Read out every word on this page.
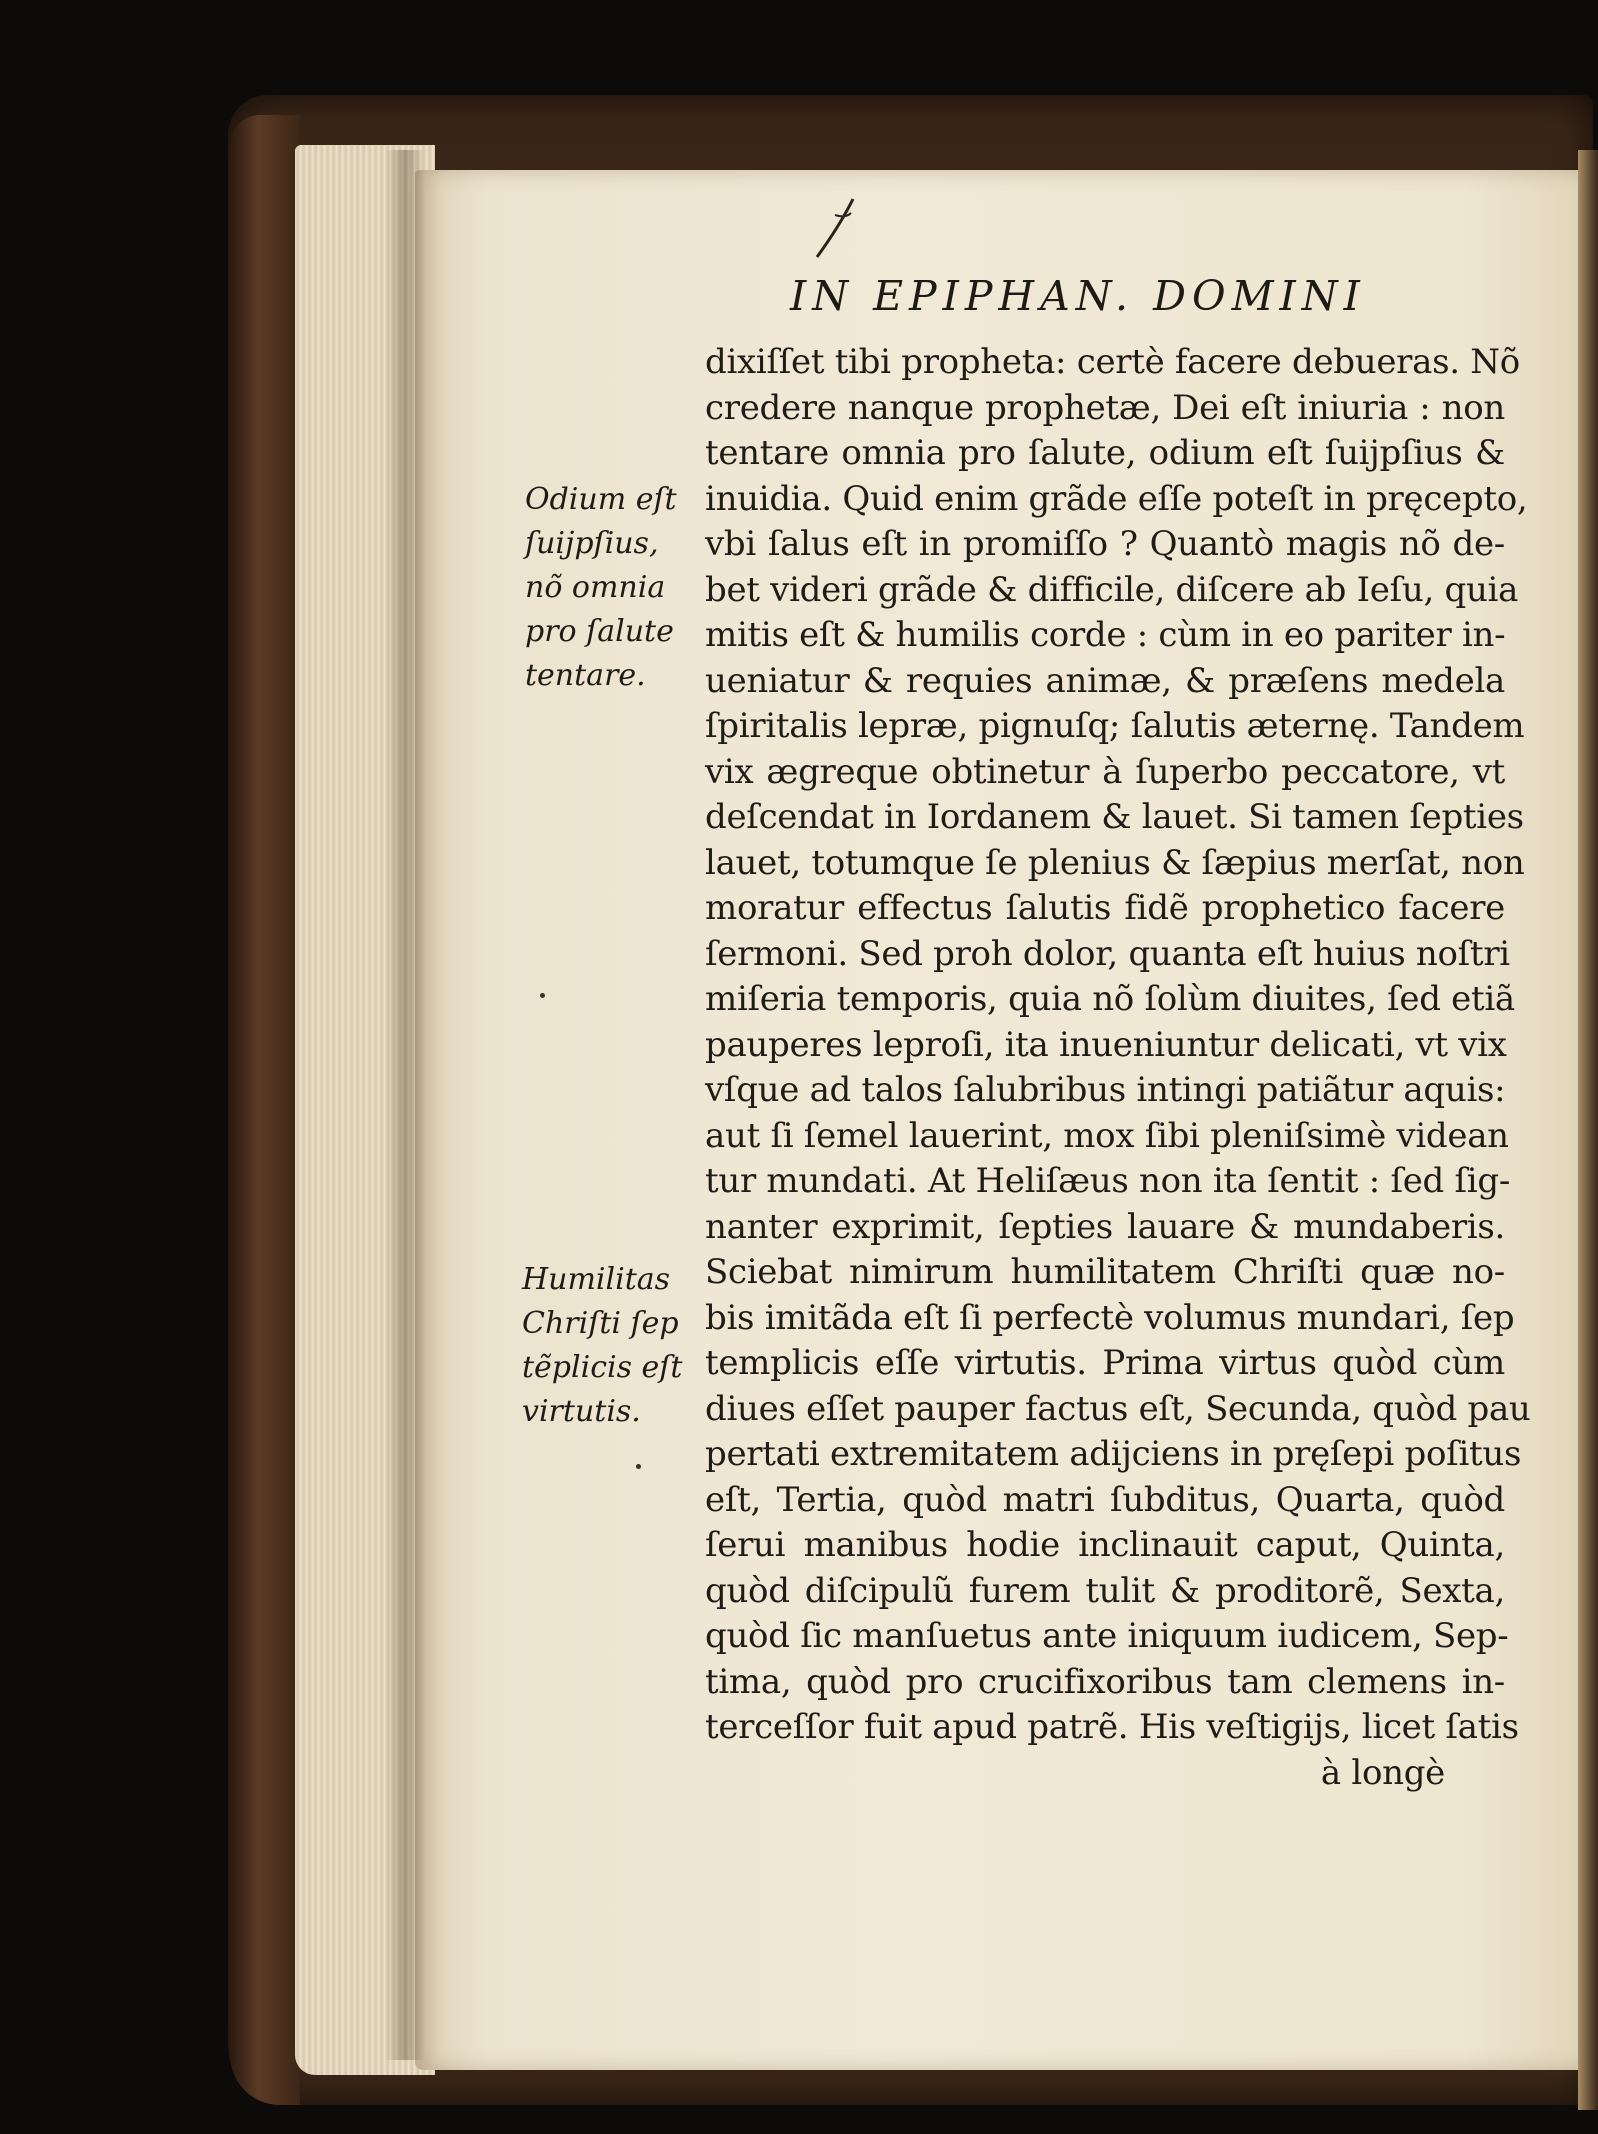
IN EPIPHAN. DOMINI
Odium eſt
ſuijpſius,
nõ omnia
pro ſalute
tentare.
Humilitas
Chriſti ſep
tẽplicis eſt
virtutis.
dixiſſet tibi propheta: certè facere debueras. Nõ
credere nanque prophetæ, Dei eſt iniuria : non
tentare omnia pro ſalute, odium eſt ſuijpſius &
inuidia. Quid enim grãde eſſe poteſt in pręcepto,
vbi ſalus eſt in promiſſo ? Quantò magis nõ de-
bet videri grãde & difficile, diſcere ab Ieſu, quia
mitis eſt & humilis corde : cùm in eo pariter in-
ueniatur & requies animæ, & præſens medela
ſpiritalis lepræ, pignuſq; ſalutis æternę. Tandem
vix ægreque obtinetur à ſuperbo peccatore, vt
deſcendat in Iordanem & lauet. Si tamen ſepties
lauet, totumque ſe plenius & ſæpius merſat, non
moratur effectus ſalutis fidẽ prophetico facere
ſermoni. Sed proh dolor, quanta eſt huius noſtri
miſeria temporis, quia nõ ſolùm diuites, ſed etiã
pauperes leproſi, ita inueniuntur delicati, vt vix
vſque ad talos ſalubribus intingi patiãtur aquis:
aut ſi ſemel lauerint, mox ſibi pleniſsimè videan
tur mundati. At Heliſæus non ita ſentit : ſed ſig-
nanter exprimit, ſepties lauare & mundaberis.
Sciebat nimirum humilitatem Chriſti quæ no-
bis imitãda eſt ſi perfectè volumus mundari, ſep
templicis eſſe virtutis. Prima virtus quòd cùm
diues eſſet pauper factus eſt, Secunda, quòd pau
pertati extremitatem adijciens in pręſepi poſitus
eſt, Tertia, quòd matri ſubditus, Quarta, quòd
ſerui manibus hodie inclinauit caput, Quinta,
quòd diſcipulũ furem tulit & proditorẽ, Sexta,
quòd ſic manſuetus ante iniquum iudicem, Sep-
tima, quòd pro crucifixoribus tam clemens in-
terceſſor fuit apud patrẽ. His veſtigijs, licet ſatis
à longè
